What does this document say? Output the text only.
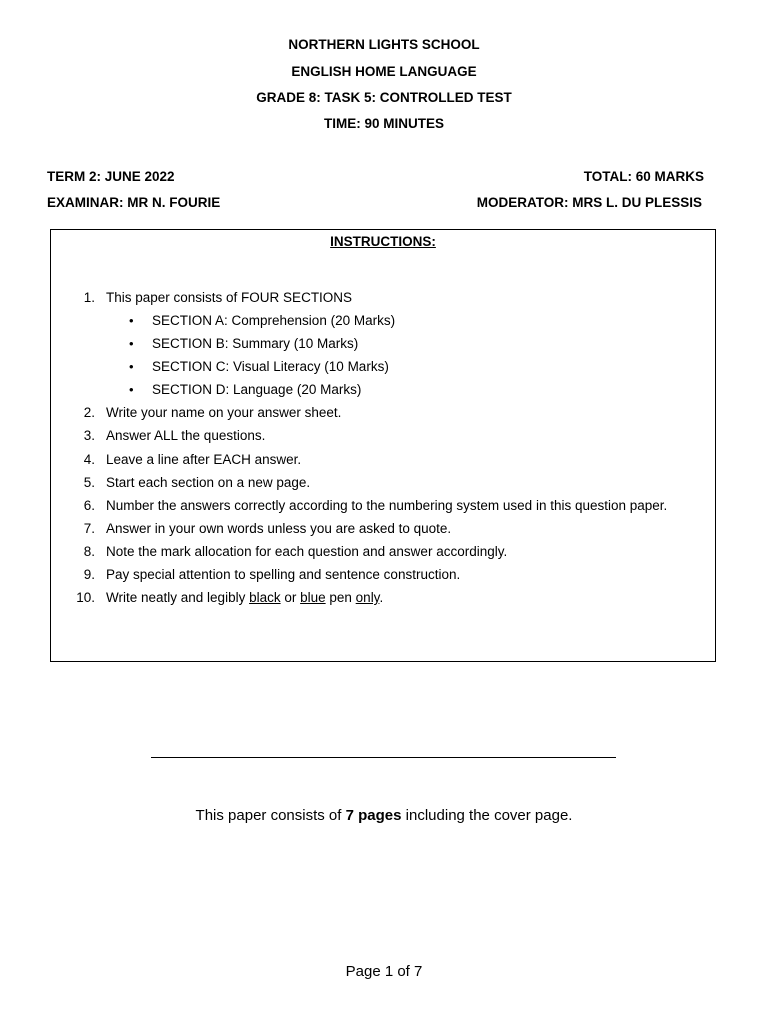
NORTHERN LIGHTS SCHOOL
ENGLISH HOME LANGUAGE
GRADE 8: TASK 5: CONTROLLED TEST
TIME: 90 MINUTES
TERM 2: JUNE 2022	TOTAL: 60 MARKS
EXAMINAR: MR N. FOURIE	MODERATOR: MRS L. DU PLESSIS
INSTRUCTIONS:
1. This paper consists of FOUR SECTIONS
• SECTION A: Comprehension (20 Marks)
• SECTION B: Summary (10 Marks)
• SECTION C: Visual Literacy (10 Marks)
• SECTION D: Language (20 Marks)
2. Write your name on your answer sheet.
3. Answer ALL the questions.
4. Leave a line after EACH answer.
5. Start each section on a new page.
6. Number the answers correctly according to the numbering system used in this question paper.
7. Answer in your own words unless you are asked to quote.
8. Note the mark allocation for each question and answer accordingly.
9. Pay special attention to spelling and sentence construction.
10. Write neatly and legibly black or blue pen only.
This paper consists of 7 pages including the cover page.
Page 1 of 7
